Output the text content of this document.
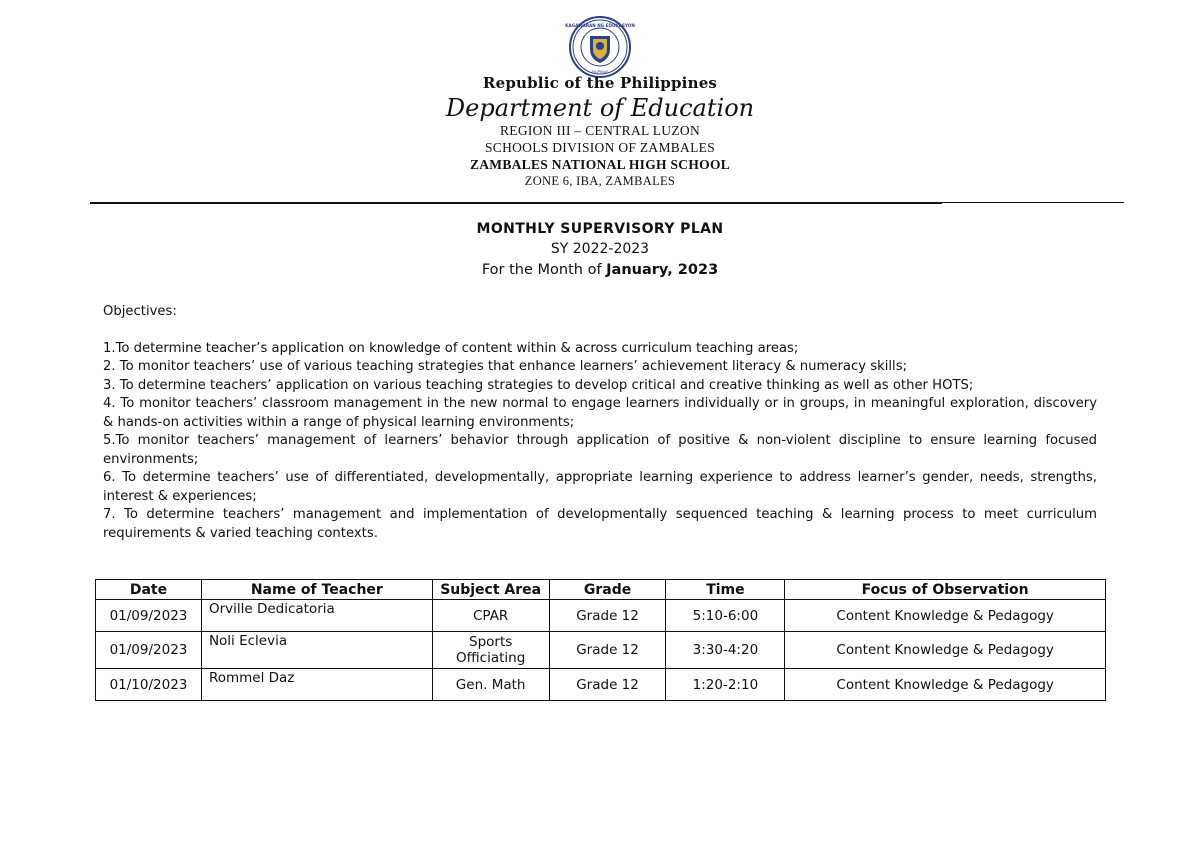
KAGAWARAN NG EDUKASYON
PILIPINAS
Republic of the Philippines
Department of Education
REGION III – CENTRAL LUZON
SCHOOLS DIVISION OF ZAMBALES
ZAMBALES NATIONAL HIGH SCHOOL
ZONE 6, IBA, ZAMBALES
MONTHLY SUPERVISORY PLAN
SY 2022-2023
For the Month of January, 2023
Objectives:
1.To determine teacher’s application on knowledge of content within & across curriculum teaching areas;
2. To monitor teachers’ use of various teaching strategies that enhance learners’ achievement literacy & numeracy skills;
3. To determine teachers’ application on various teaching strategies to develop critical and creative thinking as well as other HOTS;
4. To monitor teachers’ classroom management in the new normal to engage learners individually or in groups, in meaningful exploration, discovery & hands-on activities within a range of physical learning environments;
5.To monitor teachers’ management of learners’ behavior through application of positive & non-violent discipline to ensure learning focused environments;
6. To determine teachers’ use of differentiated, developmentally, appropriate learning experience to address learner’s gender, needs, strengths, interest & experiences;
7. To determine teachers’ management and implementation of developmentally sequenced teaching & learning process to meet curriculum requirements & varied teaching contexts.
Date	Name of Teacher	Subject Area	Grade	Time	Focus of Observation
01/09/2023	Orville Dedicatoria	CPAR	Grade 12	5:10-6:00	Content Knowledge & Pedagogy
01/09/2023	Noli Eclevia	Sports Officiating	Grade 12	3:30-4:20	Content Knowledge & Pedagogy
01/10/2023	Rommel Daz	Gen. Math	Grade 12	1:20-2:10	Content Knowledge & Pedagogy
